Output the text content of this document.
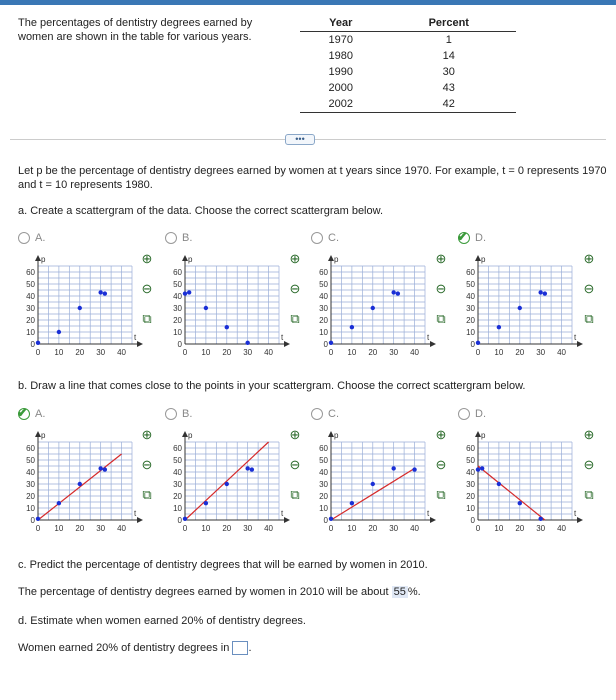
The percentages of dentistry degrees earned by women are shown in the table for various years.
Year	Percent
1970	1
1980	14
1990	30
2000	43
2002	42
•••
Let p be the percentage of dentistry degrees earned by women at t years since 1970. For example, t = 0 represents 1970 and t = 10 represents 1980.
a. Create a scattergram of the data. Choose the correct scattergram below.
A.
0 10 20 30 40
0
10
20
30
40
50
60
t
p
B.
0 10 20 30 40
0
10
20
30
40
50
60
t
p
C.
0 10 20 30 40
0
10
20
30
40
50
60
t
p
✔ D.
0 10 20 30 40
0
10
20
30
40
50
60
t
p
⊕
⊖
⧉
⊕
⊖
⧉
⊕
⊖
⧉
⊕
⊖
⧉
b. Draw a line that comes close to the points in your scattergram. Choose the correct scattergram below.
✔ A.
0 10 20 30 40
0
10
20
30
40
50
60
t
p
B.
0 10 20 30 40
0
10
20
30
40
50
60
t
p
C.
0 10 20 30 40
0
10
20
30
40
50
60
t
p
D.
0 10 20 30 40
0
10
20
30
40
50
60
t
p
⊕
⊖
⧉
⊕
⊖
⧉
⊕
⊖
⧉
⊕
⊖
⧉
c. Predict the percentage of dentistry degrees that will be earned by women in 2010.
The percentage of dentistry degrees earned by women in 2010 will be about 55 %.
d. Estimate when women earned 20% of dentistry degrees.
Women earned 20% of dentistry degrees in .
